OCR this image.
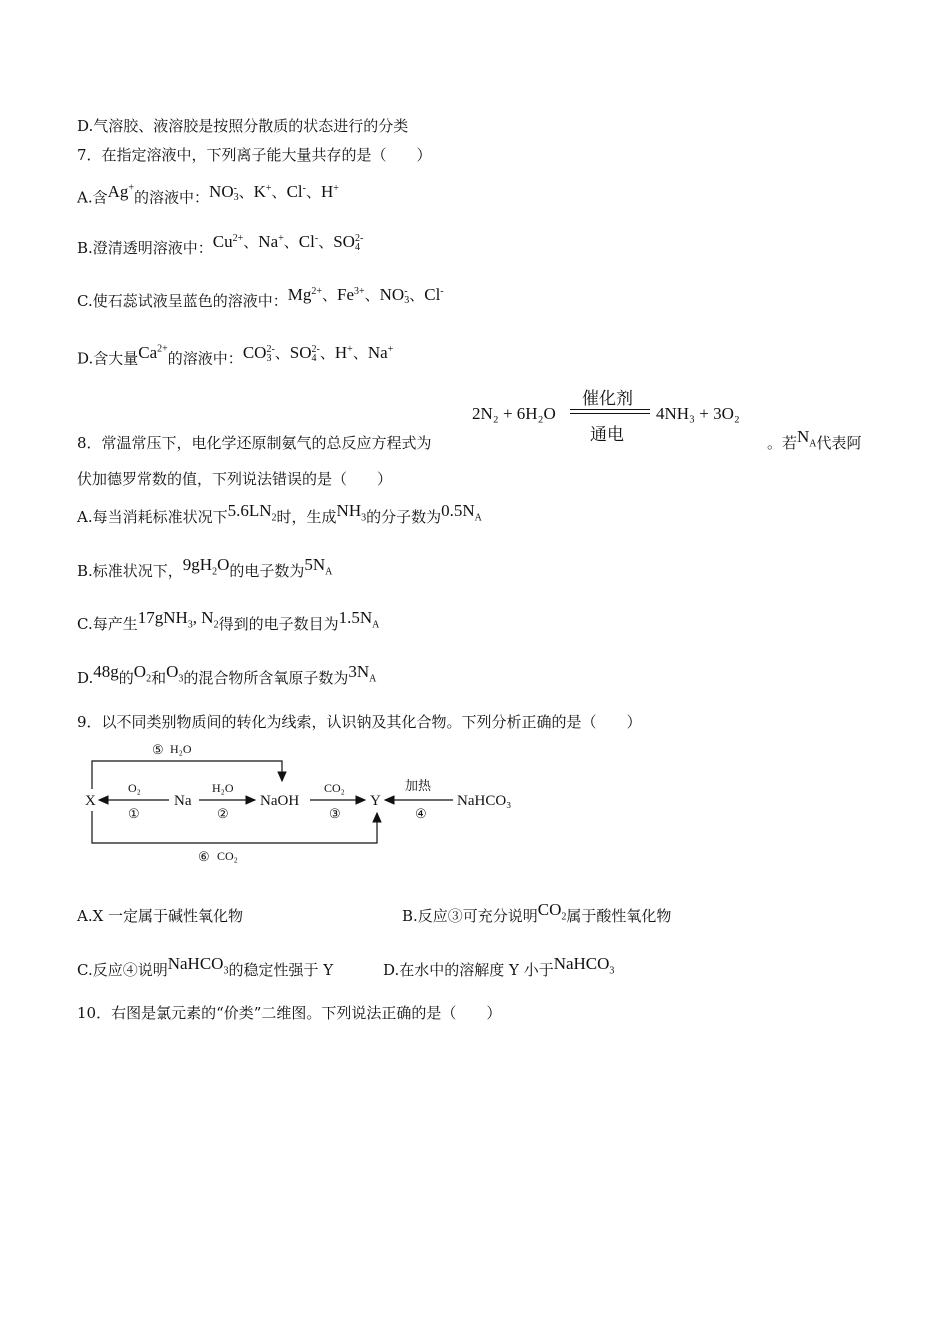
D.气溶胶、液溶胶是按照分散质的状态进行的分类
7．在指定溶液中，下列离子能大量共存的是（　　）
A.含Ag+的溶液中：NO -
3 、K +
、Cl -
、H +

B.澄清透明溶液中：Cu 2+
、Na +
、Cl -
、SO 2-
4
C.使石蕊试液呈蓝色的溶液中：Mg 2+
、Fe 3+
、NO -
3 、Cl -

D.含大量$Ca^{2+}$的溶液中：CO 2-
3 、SO 2-
4 、H +
、Na +

8．常温常压下，电化学还原制氨气的总反应方程式为
2N₂ + 6H₂O
催化剂
通电
4NH₃ + 3O₂
。若$N_A$代表阿
伏加德罗常数的值，下列说法错误的是（　　）
A.每当消耗标准状况下$5.6LN_2$时，生成$NH_3$的分子数为$0.5N_A$
B.标准状况下，$9gH_2O$的电子数为$5N_A$
C.每产生17gNH$_3$, $N_2$得到的电子数目为$1.5N_A$
D.48g的$O_2$和$O_3$的混合物所含氧原子数为$3N_A$
9．以不同类别物质间的转化为线索，认识钠及其化合物。下列分析正确的是（　　）
X	Na	NaOH	Y	NaHCO₃
O₂
①
H₂O
②
CO₂
③
加热
④
⑤ H₂O
⑥ CO₂
A.X 一定属于碱性氧化物	B.反应③可充分说明$CO_2$属于酸性氧化物
C.反应④说明NaHCO$_3$的稳定性强于 Y	D.在水中的溶解度 Y 小于NaHCO$_3$
10．右图是氯元素的“价类”二维图。下列说法正确的是（　　）
